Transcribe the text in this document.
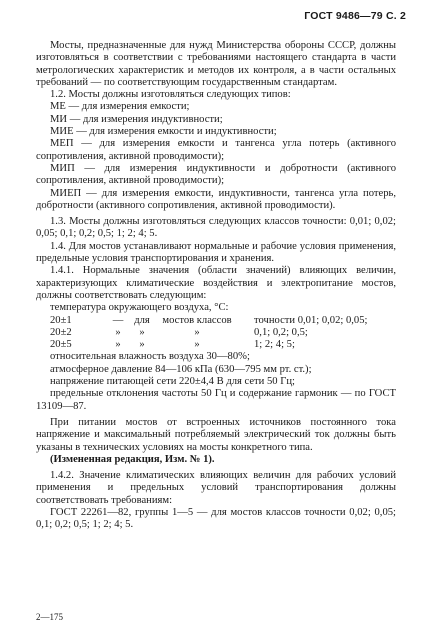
ГОСТ 9486—79 С. 2

Мосты, предназначенные для нужд Министерства обороны СССР, должны изготовляться в соответствии с требованиями настоящего стандарта в части метрологических характеристик и методов их контроля, а в части остальных требований — по соответствующим государственным стандартам.

1.2. Мосты должны изготовляться следующих типов:

МЕ — для измерения емкости;

МИ — для измерения индуктивности;

МИЕ — для измерения емкости и индуктивности;

МЕП — для измерения емкости и тангенса угла потерь (активного сопротивления, активной проводимости);

МИП — для измерения индуктивности и добротности (активного сопротивления, активной проводимости);

МИЕП — для измерения емкости, индуктивности, тангенса угла потерь, добротности (активного сопротивления, активной проводимости).

1.3. Мосты должны изготовляться следующих классов точности: 0,01; 0,02; 0,05; 0,1; 0,2; 0,5; 1; 2; 4; 5.

1.4. Для мостов устанавливают нормальные и рабочие условия применения, предельные условия транспортирования и хранения.

1.4.1. Нормальные значения (области значений) влияющих величин, характеризующих климатические воздействия и электропитание мостов, должны соответствовать следующим:

температура окружающего воздуха, °С:

20±1	—	для	мостов классов	точности 0,01; 0,02; 0,05;
20±2	»	»	»	0,1; 0,2; 0,5;
20±5	»	»	»	1; 2; 4; 5;

относительная влажность воздуха 30—80%;

атмосферное давление 84—106 кПа (630—795 мм рт. ст.);

напряжение питающей сети 220±4,4 В для сети 50 Гц;

предельные отклонения частоты 50 Гц и содержание гармоник — по ГОСТ 13109—87.

При питании мостов от встроенных источников постоянного тока напряжение и максимальный потребляемый электрический ток должны быть указаны в технических условиях на мосты конкретного типа.

(Измененная редакция, Изм. № 1).

1.4.2. Значение климатических влияющих величин для рабочих условий применения и предельных условий транспортирования должны соответствовать требованиям:

ГОСТ 22261—82, группы 1—5 — для мостов классов точности 0,02; 0,05; 0,1; 0,2; 0,5; 1; 2; 4; 5.

2—175
